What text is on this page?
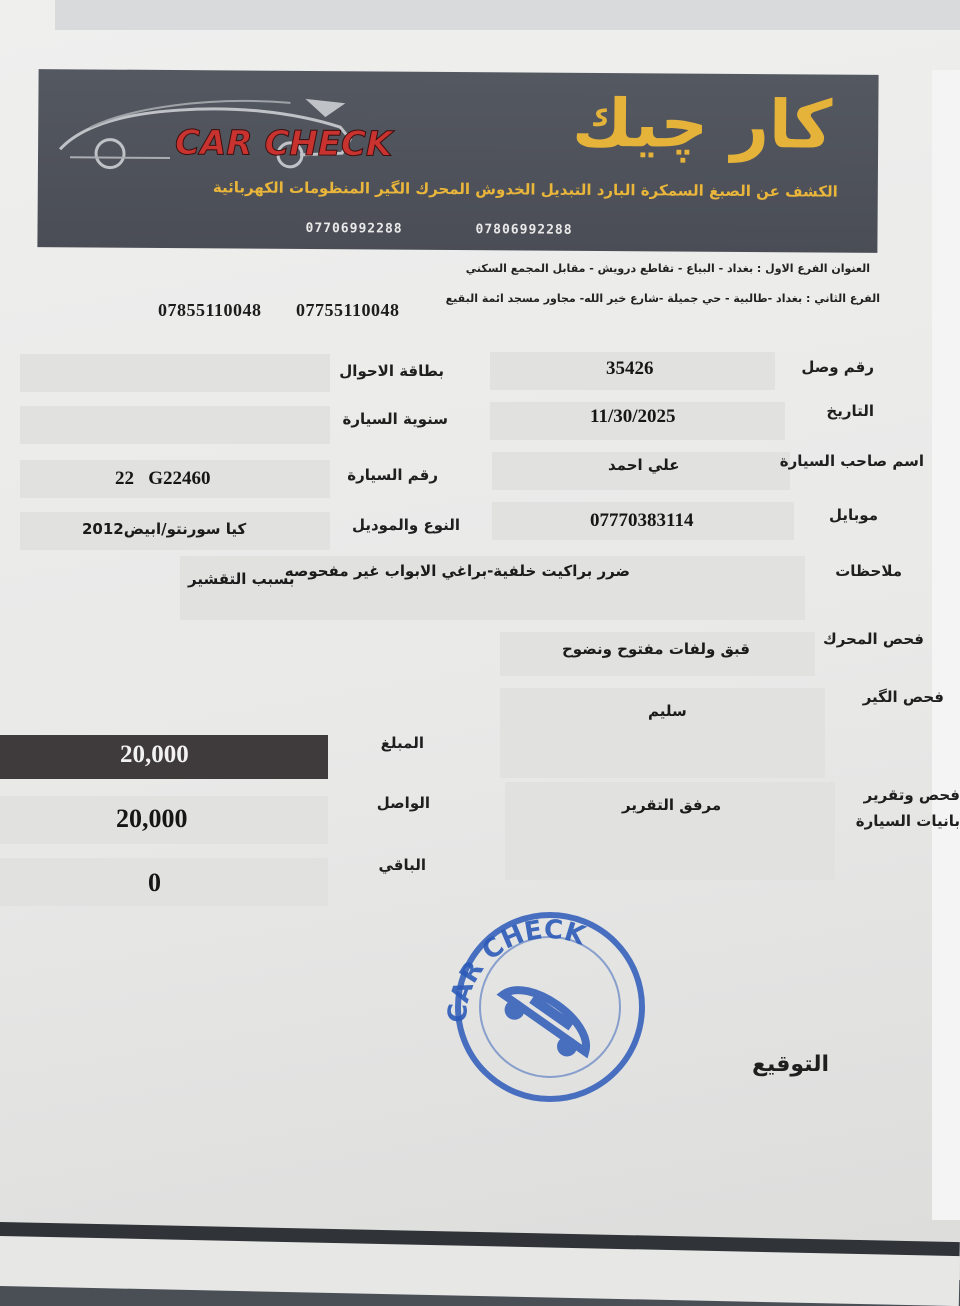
CAR CHECK	كار چيك
الكشف عن الصبغ السمكرة البارد التبديل الخدوش المحرك الگير المنظومات الكهربائية
07806992288
07706992288
العنوان الفرع الاول : بغداد - البياع - تقاطع درويش - مقابل المجمع السكني
الفرع الثاني : بغداد -طالبية - حي جميلة -شارع خير الله- مجاور مسجد ائمة البقيع
07755110048
07855110048
رقم وصل
35426
بطاقة الاحوال
التاريخ
11/30/2025
سنوية السيارة
اسم صاحب السيارة
علي احمد
رقم السيارة
22   G22460
موبايل
07770383114
النوع والموديل
كيا سورنتو/ابيض2012
ملاحظات
ضرر براكيت خلفية-براغي الابواب غير مفحوصه
بسبب التقشير
فحص المحرك
قبق ولفات مفتوح ونضوح
فحص الگير
سليم
فحص وتقرير
بانيات السيارة
مرفق التقرير
20,000	المبلغ
الواصل
20,000
الباقي
0
CAR CHECK
التوقيع
